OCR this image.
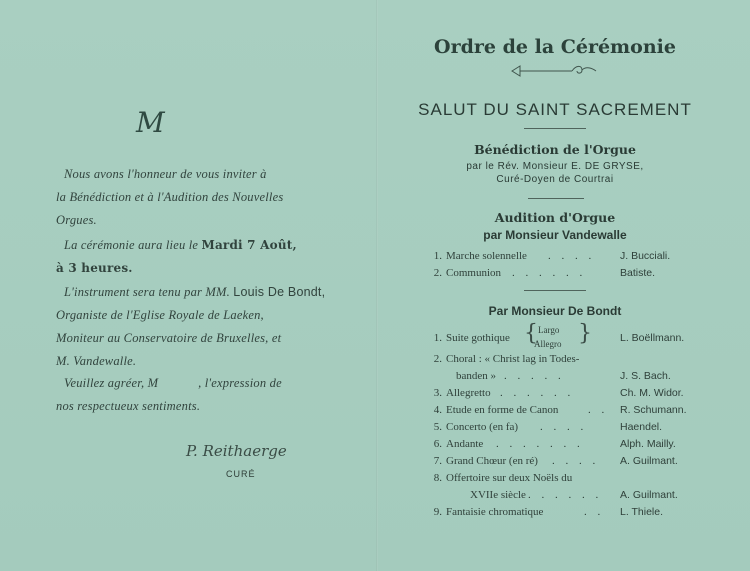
M
Nous avons l'honneur de vous inviter à
la Bénédiction et à l'Audition des Nouvelles
Orgues.
La cérémonie aura lieu le Mardi 7 Août,
à 3 heures.
L'instrument sera tenu par MM. Louis De Bondt,
Organiste de l'Eglise Royale de Laeken,
Moniteur au Conservatoire de Bruxelles, et
M. Vandewalle.
Veuillez agréer, M            , l'expression de
nos respectueux sentiments.
P. Reithaerge
CURÉ
Ordre de la Cérémonie
SALUT DU SAINT SACREMENT
Bénédiction de l'Orgue
par le Rév. Monsieur E. DE GRYSE,
Curé-Doyen de Courtrai
Audition d'Orgue
par Monsieur Vandewalle
1. Marche solennelle . . . . J. Bucciali.
2. Communion . . . . . .	Batiste.
Par Monsieur De Bondt
1. Suite gothique { Largo
Allegro }	L. Boëllmann.
2. Choral : « Christ lag in Todes-
banden » . . . . .	J. S. Bach.
3. Allegretto . . . . . .	Ch. M. Widor.
4. Etude en forme de Canon	. . R. Schumann.
5. Concerto (en fa) . . . .	Haendel.
6. Andante . . . . . . .	Alph. Mailly.
7. Grand Chœur (en ré) . . . . A. Guilmant.
8. Offertoire sur deux Noëls du
XVIIe siècle . . . . . . A. Guilmant.
9. Fantaisie chromatique	. . L. Thiele.
